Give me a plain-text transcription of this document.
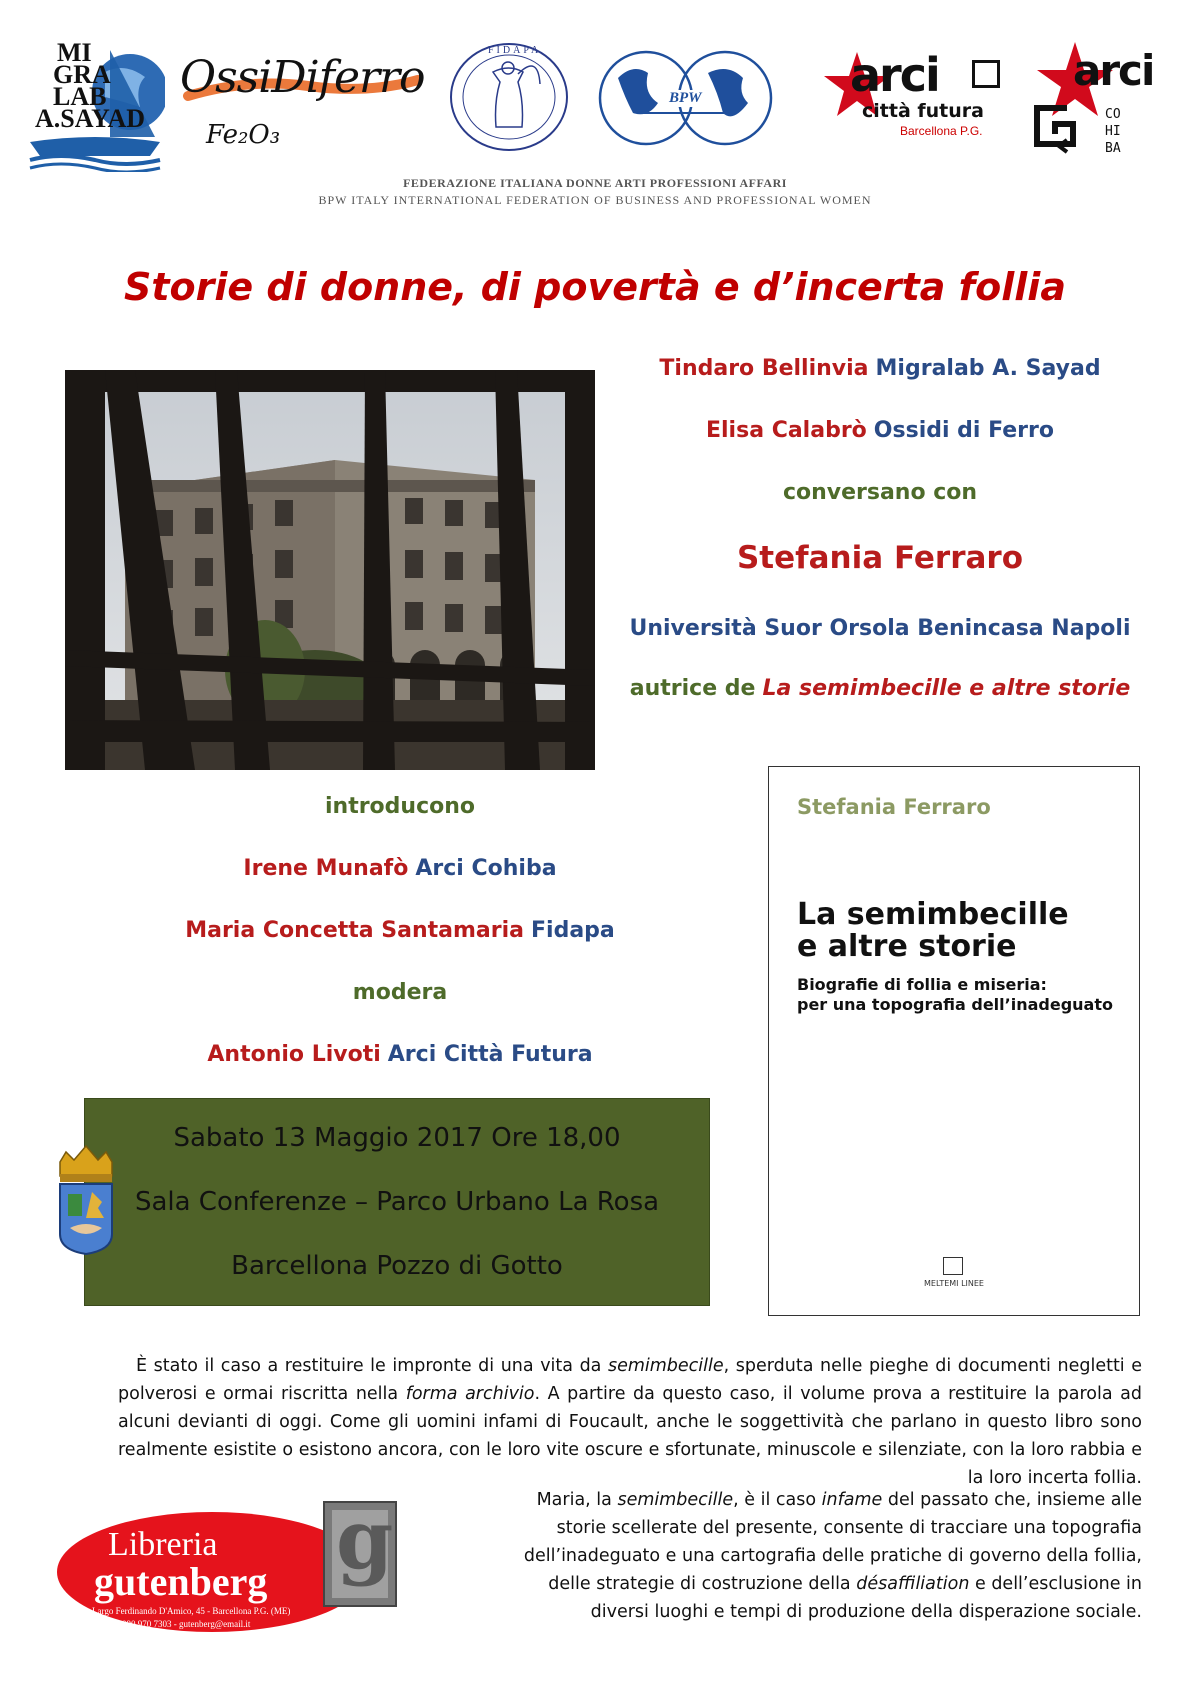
MI
GRA
LAB
A.SAYAD
OssiDiferro
Fe₂O₃
FIDAPA
BPW	arci
città futura
Barcellona P.G.
arci
CO
HI
BA
FEDERAZIONE ITALIANA DONNE ARTI PROFESSIONI AFFARI
BPW ITALY INTERNATIONAL FEDERATION OF BUSINESS AND PROFESSIONAL WOMEN
Storie di donne, di povertà e d’incerta follia
Tindaro Bellinvia Migralab A. Sayad
Elisa Calabrò Ossidi di Ferro
conversano con
Stefania Ferraro
Università Suor Orsola Benincasa Napoli
autrice de La semimbecille e altre storie
introducono
Irene Munafò Arci Cohiba
Maria Concetta Santamaria Fidapa
modera
Antonio Livoti Arci Città Futura
Sabato 13 Maggio 2017 Ore 18,00
Sala Conferenze – Parco Urbano La Rosa
Barcellona Pozzo di Gotto
Stefania Ferraro
La semimbecille
e altre storie
Biografie di follia e miseria:
per una topografia dell’inadeguato
MELTEMI LINEE
È stato il caso a restituire le impronte di una vita da semimbecille, sperduta nelle pieghe di documenti negletti e polverosi e ormai riscritta nella forma archivio. A partire da questo caso, il volume prova a restituire la parola ad alcuni devianti di oggi. Come gli uomini infami di Foucault, anche le soggettività che parlano in questo libro sono realmente esistite o esistono ancora, con le loro vite oscure e sfortunate, minuscole e silenziate, con la loro rabbia e la loro incerta follia.
Maria, la semimbecille, è il caso infame del passato che, insieme alle storie scellerate del presente, consente di tracciare una topografia dell’inadeguato e una cartografia delle pratiche di governo della follia, delle strategie di costruzione della désaffiliation e dell’esclusione in diversi luoghi e tempi di produzione della disperazione sociale.
g
Libreria
gutenberg
Largo Ferdinando D'Amico, 45 - Barcellona P.G. (ME)
090 970 7303 - gutenberg@email.it
